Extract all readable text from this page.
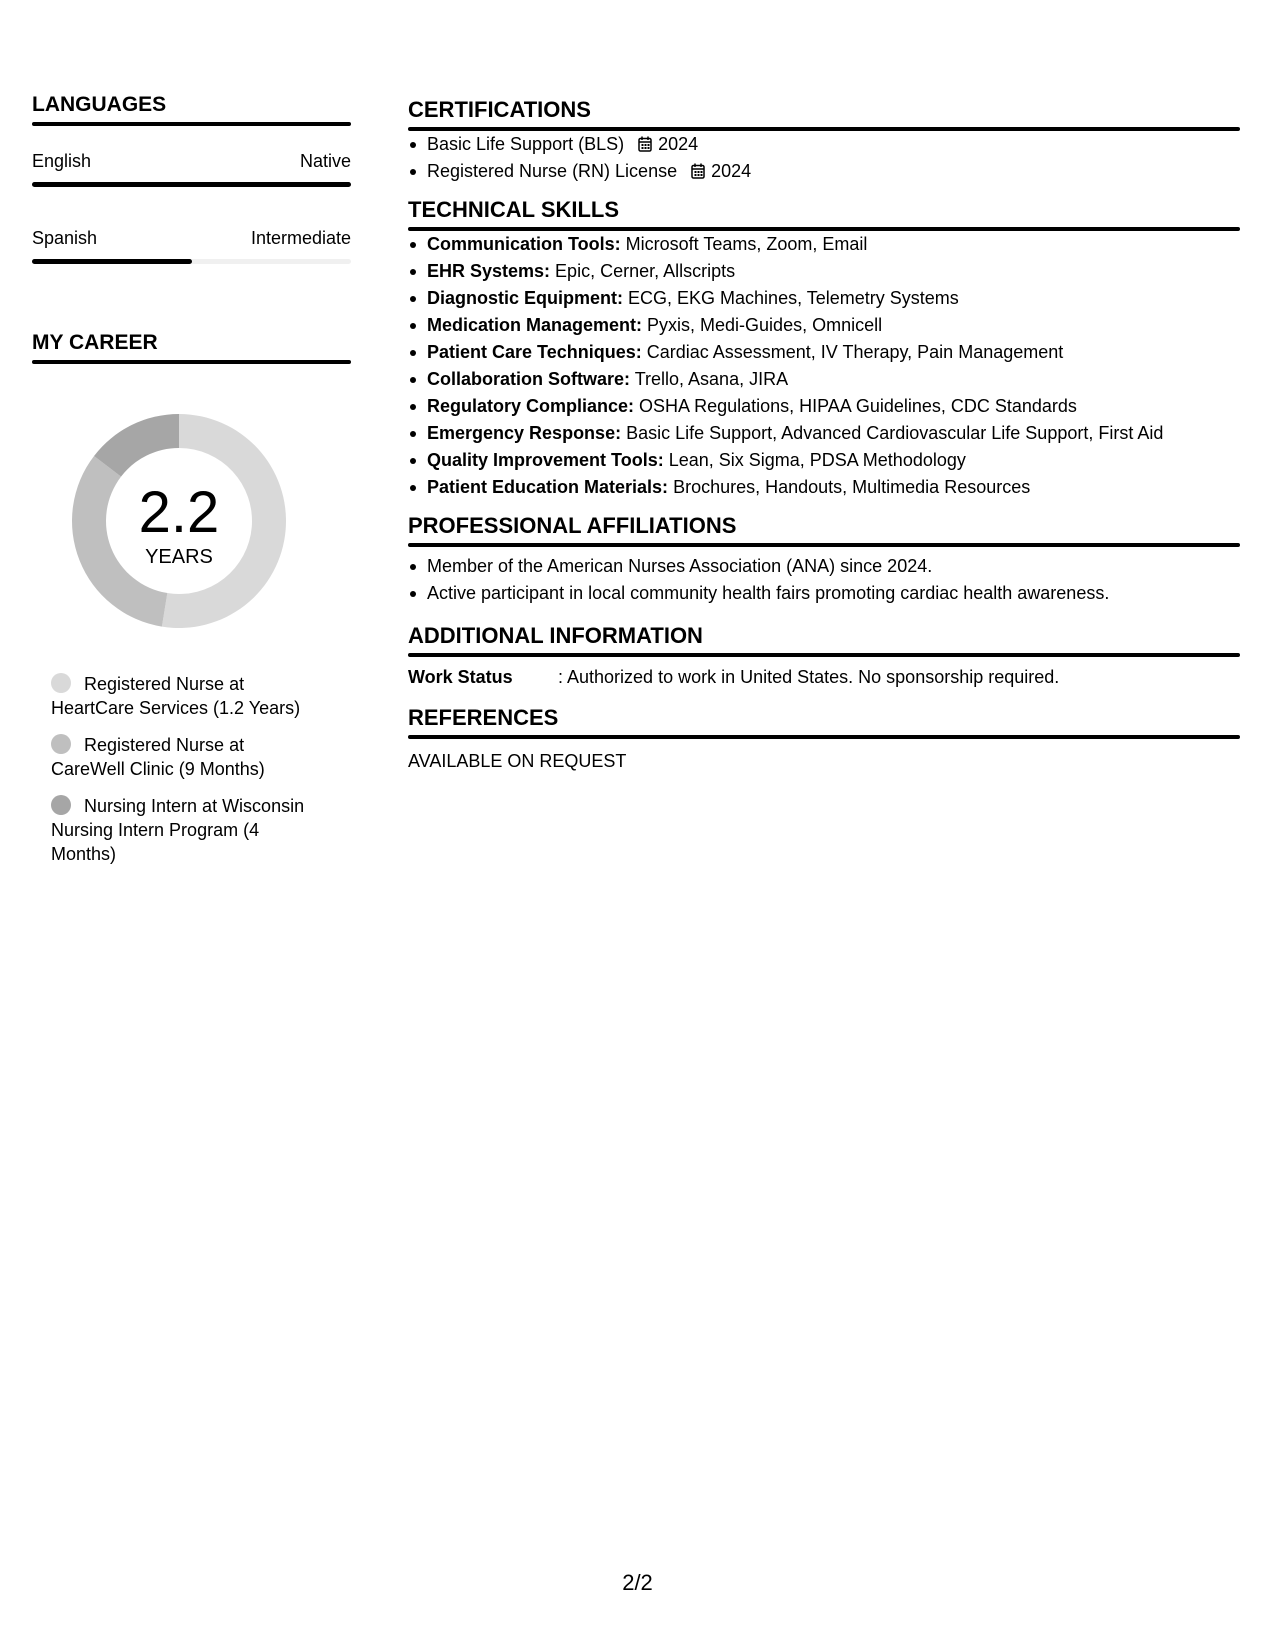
LANGUAGES
English	Native
Spanish	Intermediate
MY CAREER
2.2
YEARS
Registered Nurse at HeartCare Services (1.2 Years)
Registered Nurse at CareWell Clinic (9 Months)
Nursing Intern at Wisconsin Nursing Intern Program (4 Months)
CERTIFICATIONS
Basic Life Support (BLS) 2024
Registered Nurse (RN) License 2024
TECHNICAL SKILLS
Communication Tools: Microsoft Teams, Zoom, Email
EHR Systems: Epic, Cerner, Allscripts
Diagnostic Equipment: ECG, EKG Machines, Telemetry Systems
Medication Management: Pyxis, Medi-Guides, Omnicell
Patient Care Techniques: Cardiac Assessment, IV Therapy, Pain Management
Collaboration Software: Trello, Asana, JIRA
Regulatory Compliance: OSHA Regulations, HIPAA Guidelines, CDC Standards
Emergency Response: Basic Life Support, Advanced Cardiovascular Life Support, First Aid
Quality Improvement Tools: Lean, Six Sigma, PDSA Methodology
Patient Education Materials: Brochures, Handouts, Multimedia Resources
PROFESSIONAL AFFILIATIONS
Member of the American Nurses Association (ANA) since 2024.
Active participant in local community health fairs promoting cardiac health awareness.
ADDITIONAL INFORMATION
Work Status	: Authorized to work in United States. No sponsorship required.
REFERENCES
AVAILABLE ON REQUEST
2/2
